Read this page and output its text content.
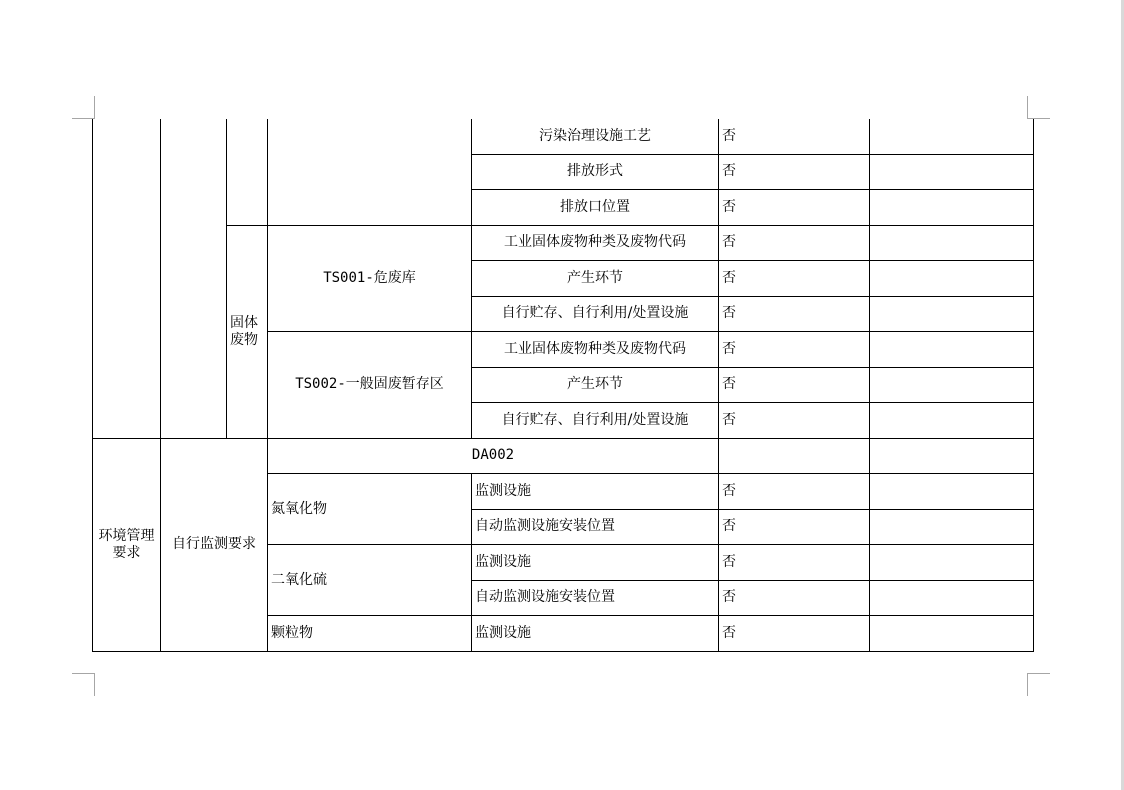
				污染治理设施工艺	否	
				排放形式	否	
				排放口位置	否	
		固体废物	TS001-危废库	工业固体废物种类及废物代码	否	
				产生环节	否	
				自行贮存、自行利用/处置设施	否	
			TS002-一般固废暂存区	工业固体废物种类及废物代码	否	
				产生环节	否	
				自行贮存、自行利用/处置设施	否	
环境管理要求	自行监测要求		DA002			
			氮氧化物	监测设施	否	
				自动监测设施安装位置	否	
			二氧化硫	监测设施	否	
				自动监测设施安装位置	否	
			颗粒物	监测设施	否	
